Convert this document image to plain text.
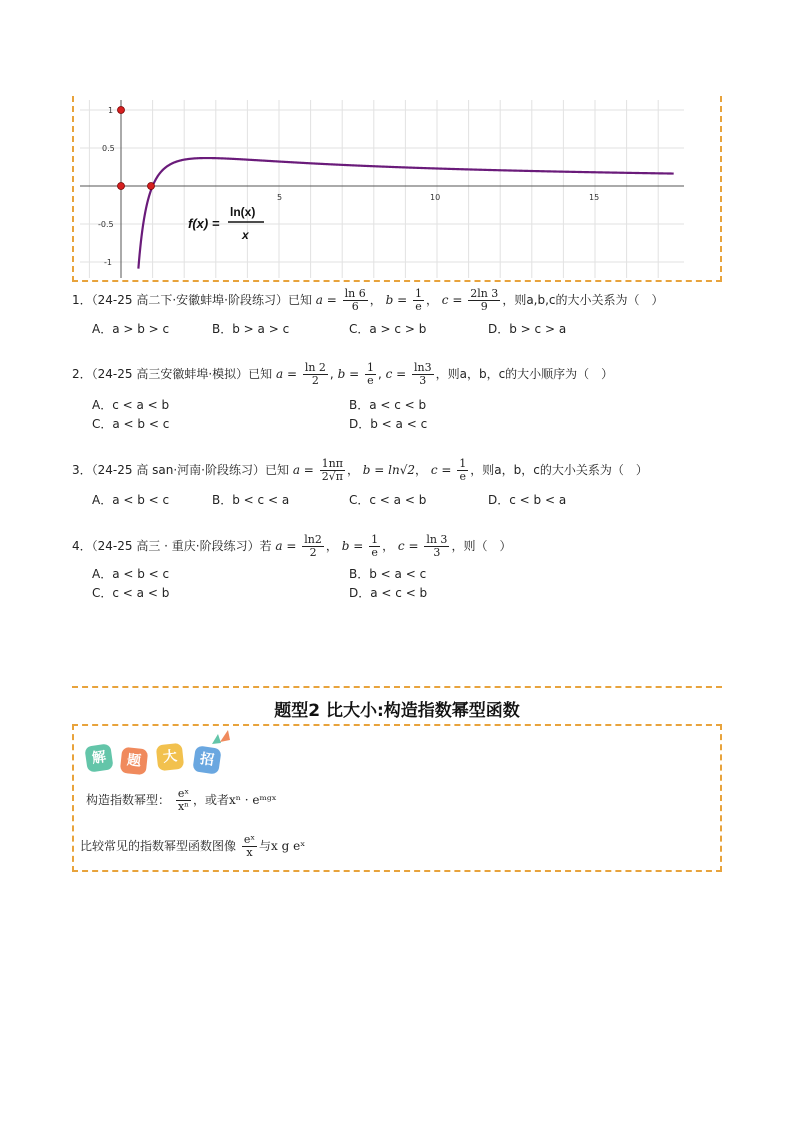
5	10	15
1
0.5
-0.5
-1
f(x) =
ln(x)
x
1．（24-25 高二下·安徽蚌埠·阶段练习）已知 $a = \frac{\ln 6}{6}$ ， $b = \frac{1}{e}$ ， $c = \frac{2\ln 3}{9}$ ，则a,b,c的大小关系为（　）
A．a > b > c	B．b > a > c	C．a > c > b	D．b > c > a
2．（24-25 高三安徽蚌埠·模拟）已知 $a = \frac{\ln 2}{2}$ , $b = \frac{1}{e}$ , $c = \frac{\ln 3}{3}$ ，则a，b，c的大小顺序为（　）
A．c < a < b	B．a < c < b
C．a < b < c	D．b < a < c
3．（24-25 高 san·河南·阶段练习）已知 $a = \frac{1n\pi}{2√\pi}$ ， b = ln√2， $c = \frac{1}{e}$ ，则a，b，c的大小关系为（　）
A．a < b < c	B．b < c < a	C．c < a < b	D．c < b < a
4．（24-25 高三 · 重庆·阶段练习）若 $a = \frac{\ln 2}{2}$ ， $b = \frac{1}{e}$ ， $c = \frac{\ln 3}{3}$ ，则（　）
A．a < b < c	B．b < a < c
C．c < a < b	D．a < c < b
题型2 比大小:构造指数幂型函数
解	题	大	招
构造指数幂型： $\frac{\text{eˣ}}{\text{xⁿ}}$ ，或者xⁿ · eᵐᵍˣ
比较常见的指数幂型函数图像 $\frac{\text{eˣ}}{x}$ 与x g eˣ
